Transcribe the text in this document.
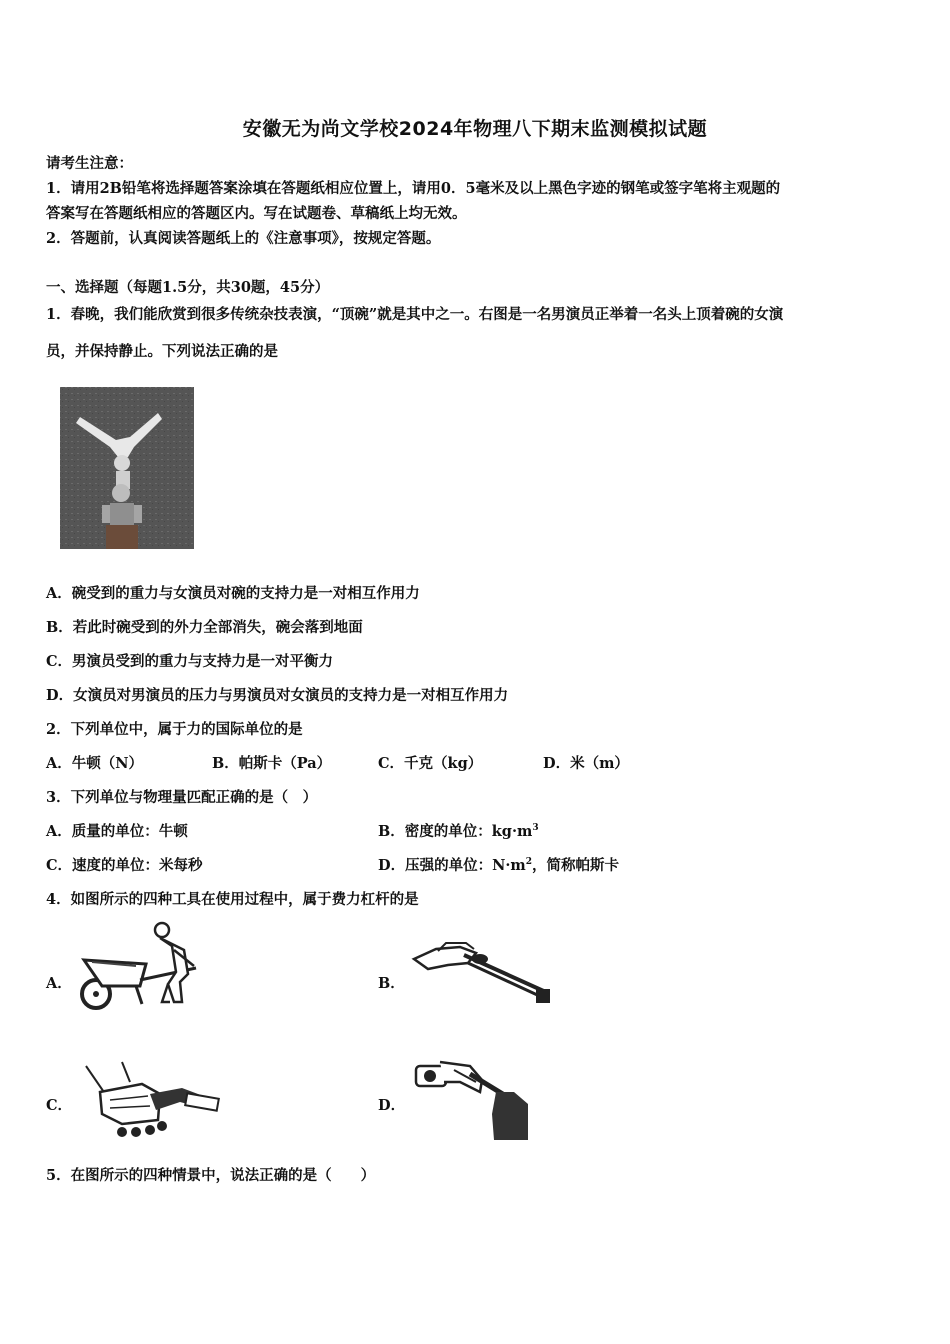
安徽无为尚文学校2024年物理八下期末监测模拟试题
请考生注意：
1．请用2B铅笔将选择题答案涂填在答题纸相应位置上，请用0．5毫米及以上黑色字迹的钢笔或签字笔将主观题的
答案写在答题纸相应的答题区内。写在试题卷、草稿纸上均无效。
2．答题前，认真阅读答题纸上的《注意事项》，按规定答题。
一、选择题（每题1.5分，共30题，45分）
1．春晚，我们能欣赏到很多传统杂技表演，“顶碗”就是其中之一。右图是一名男演员正举着一名头上顶着碗的女演
员，并保持静止。下列说法正确的是
A．碗受到的重力与女演员对碗的支持力是一对相互作用力
B．若此时碗受到的外力全部消失，碗会落到地面
C．男演员受到的重力与支持力是一对平衡力
D．女演员对男演员的压力与男演员对女演员的支持力是一对相互作用力
2．下列单位中，属于力的国际单位的是
A．牛顿（N）	B．帕斯卡（Pa）	C．千克（kg）	D．米（m）
3．下列单位与物理量匹配正确的是（　）
A．质量的单位：牛顿	B．密度的单位：$kg\cdot m^3$
C．速度的单位：米每秒	D．压强的单位：$N\cdot m^2$，简称帕斯卡
4．如图所示的四种工具在使用过程中，属于费力杠杆的是
A．	B．
C．	D．
5．在图所示的四种情景中，说法正确的是（　　）
